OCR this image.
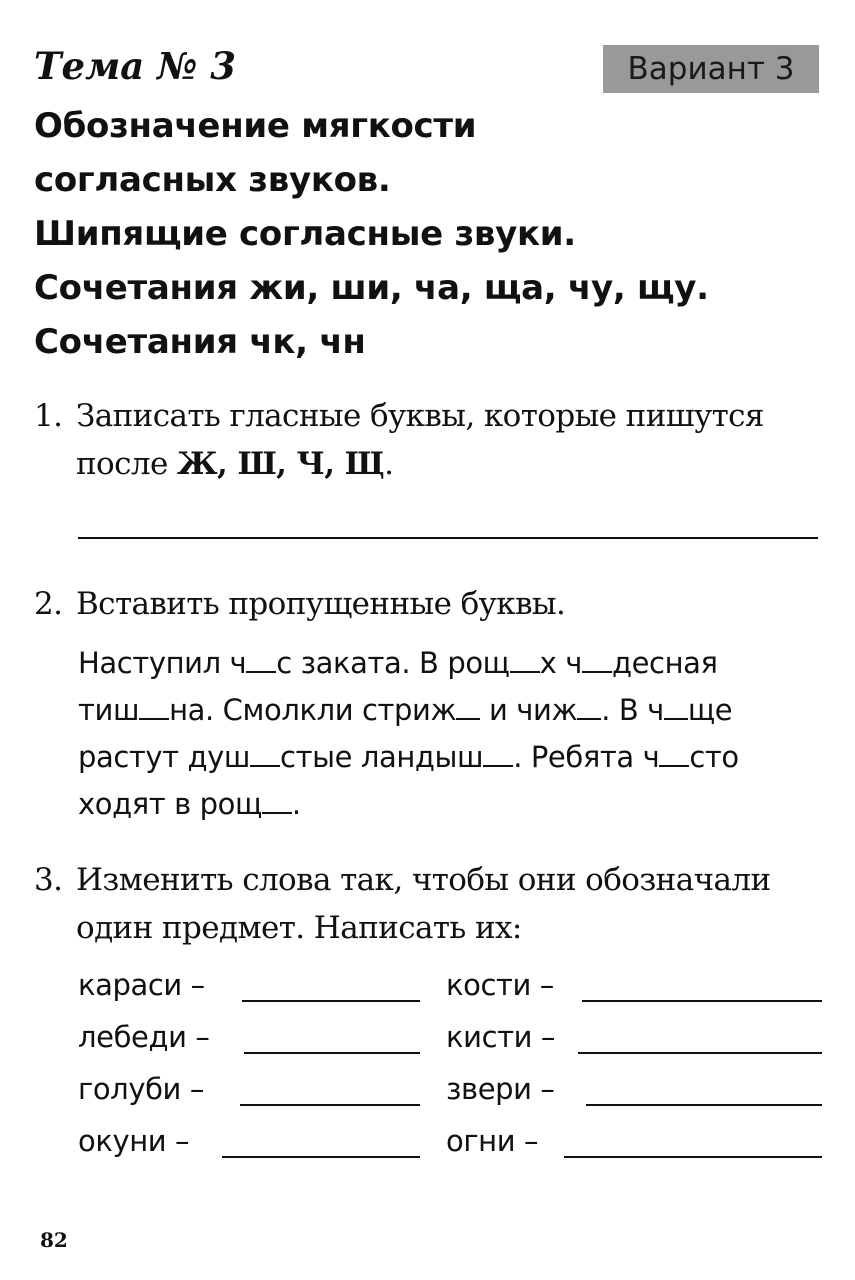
Тема № 3	Вариант 3
Обозначение мягкости
согласных звуков.
Шипящие согласные звуки.
Сочетания жи, ши, ча, ща, чу, щу.
Сочетания чк, чн
1. Записать гласные буквы, которые пишутся
после Ж, Ш, Ч, Щ.
2. Вставить пропущенные буквы.
Наступил ч с заката. В рощ х ч десная
тиш на. Смолкли стриж и чиж . В ч ще
растут душ стые ландыш . Ребята ч сто
ходят в рощ .
3. Изменить слова так, чтобы они обозначали
один предмет. Написать их:
караси –
лебеди –
голуби –
окуни –
кости –
кисти –
звери –
огни –
82
